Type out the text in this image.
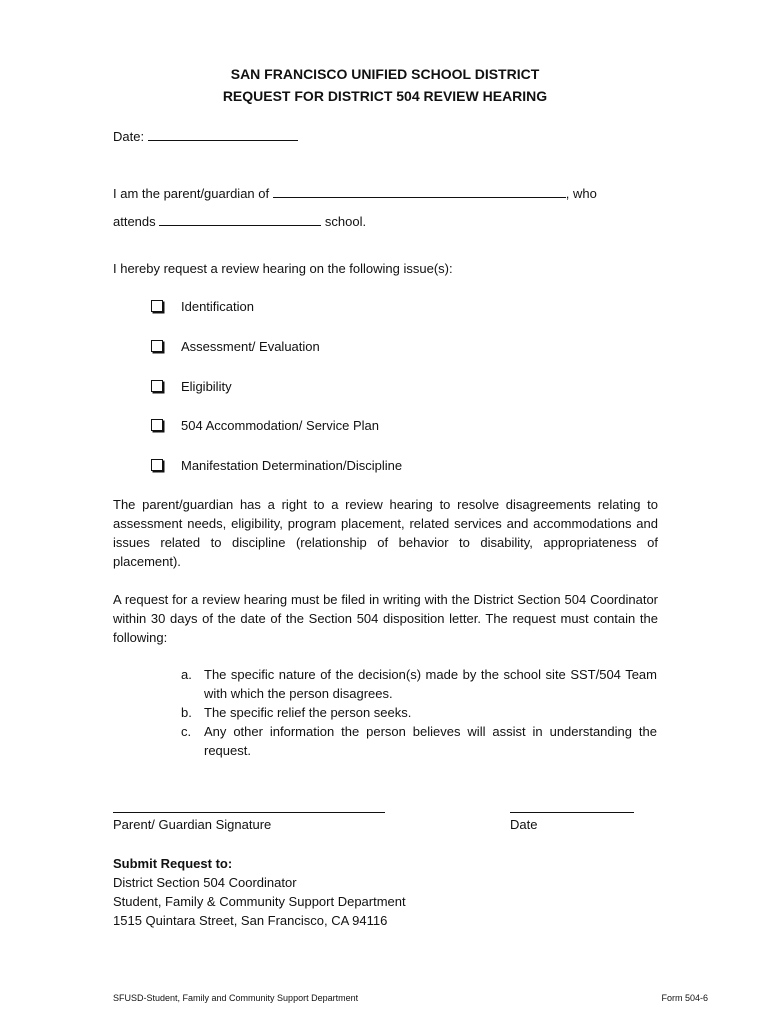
SAN FRANCISCO UNIFIED SCHOOL DISTRICT
REQUEST FOR DISTRICT 504 REVIEW HEARING
Date:
I am the parent/guardian of	, who
attends	school.
I hereby request a review hearing on the following issue(s):
Identification
Assessment/ Evaluation
Eligibility
504 Accommodation/ Service Plan
Manifestation Determination/Discipline
The parent/guardian has a right to a review hearing to resolve disagreements relating to assessment needs, eligibility, program placement, related services and accommodations and issues related to discipline (relationship of behavior to disability, appropriateness of placement).
A request for a review hearing must be filed in writing with the District Section 504 Coordinator within 30 days of the date of the Section 504 disposition letter. The request must contain the following:
a. The specific nature of the decision(s) made by the school site SST/504 Team with which the person disagrees.
b. The specific relief the person seeks.
c. Any other information the person believes will assist in understanding the request.
Parent/ Guardian Signature	Date
Submit Request to:
District Section 504 Coordinator
Student, Family & Community Support Department
1515 Quintara Street, San Francisco, CA 94116
SFUSD-Student, Family and Community Support Department	Form 504-6
